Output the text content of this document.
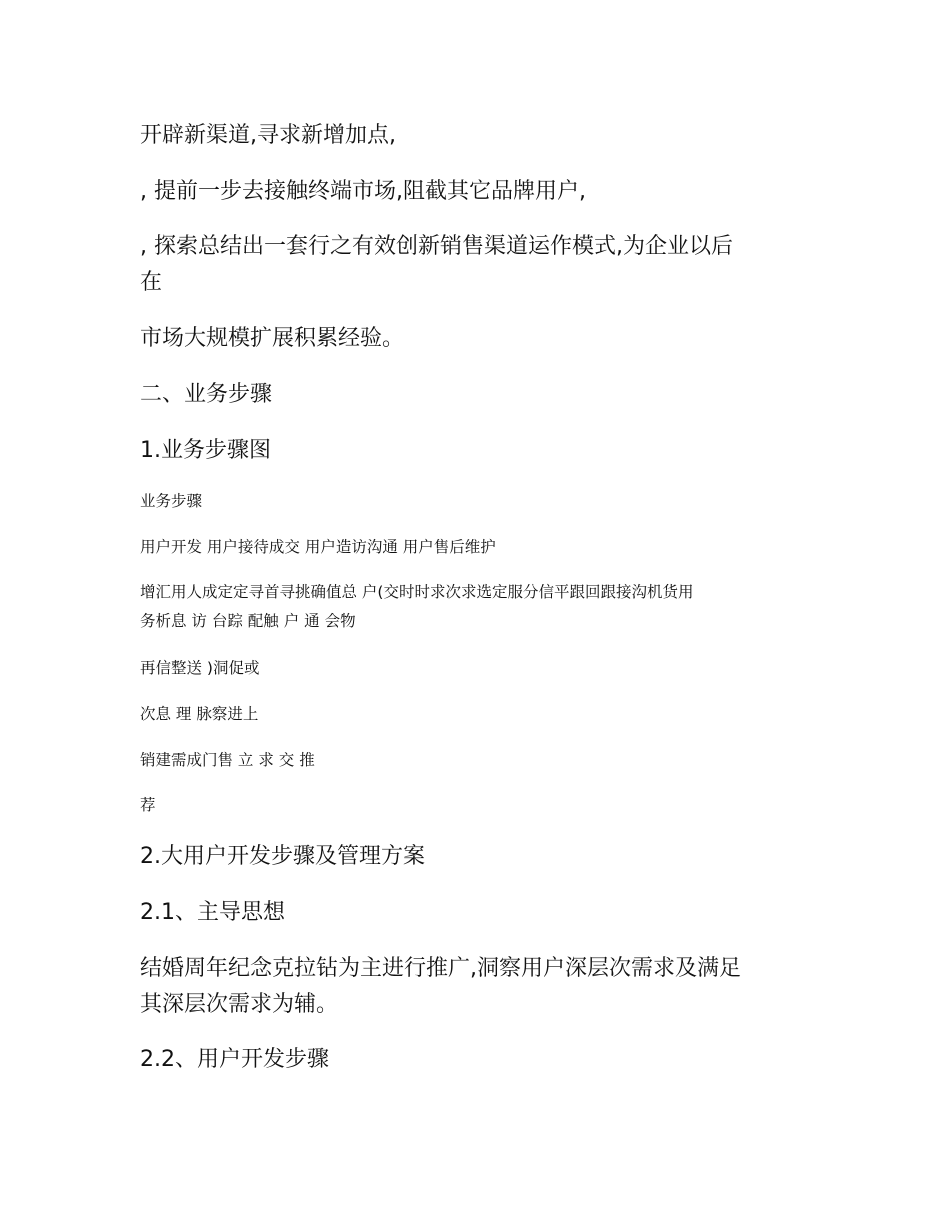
开辟新渠道,寻求新增加点,
, 提前一步去接触终端市场,阻截其它品牌用户,
, 探索总结出一套行之有效创新销售渠道运作模式,为企业以后
在
市场大规模扩展积累经验。
二、业务步骤
1.业务步骤图
业务步骤
用户开发 用户接待成交 用户造访沟通 用户售后维护
增汇用人成定定寻首寻挑确值总 户(交时时求次求选定服分信平跟回跟接沟机货用
务析息 访 台踪 配触 户 通 会物
再信整送 )洞促或
次息 理 脉察进上
销建需成门售 立 求 交 推
荐
2.大用户开发步骤及管理方案
2.1、主导思想
结婚周年纪念克拉钻为主进行推广,洞察用户深层次需求及满足
其深层次需求为辅。
2.2、用户开发步骤
